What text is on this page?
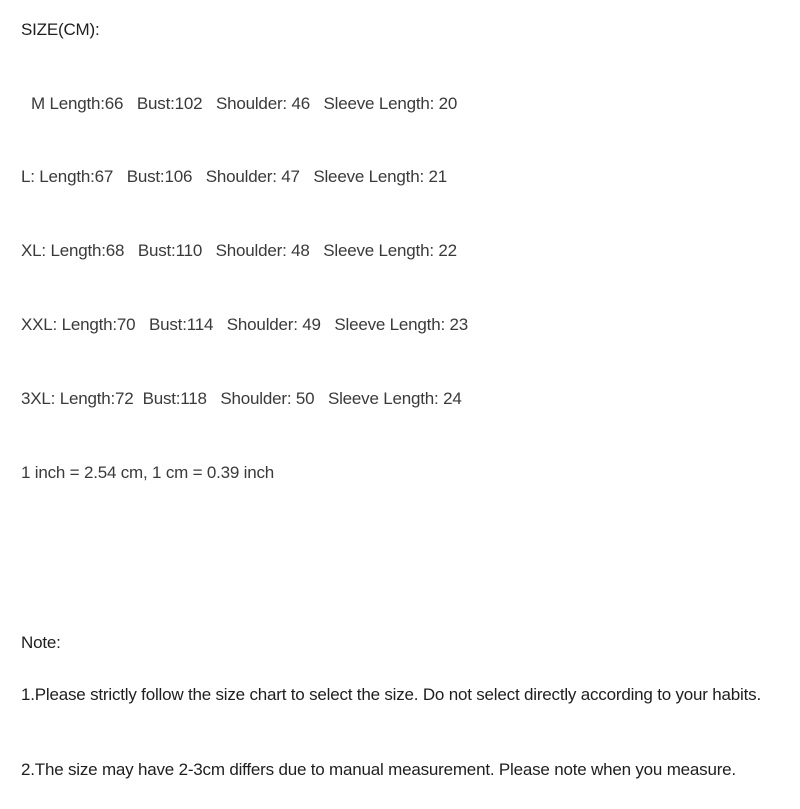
SIZE(CM):
M Length:66   Bust:102   Shoulder: 46   Sleeve Length: 20
L: Length:67   Bust:106   Shoulder: 47   Sleeve Length: 21
XL: Length:68   Bust:110   Shoulder: 48   Sleeve Length: 22
XXL: Length:70   Bust:114   Shoulder: 49   Sleeve Length: 23
3XL: Length:72  Bust:118   Shoulder: 50   Sleeve Length: 24
1 inch = 2.54 cm, 1 cm = 0.39 inch
Note:
1.Please strictly follow the size chart to select the size. Do not select directly according to your habits.
2.The size may have 2-3cm differs due to manual measurement. Please note when you measure.
